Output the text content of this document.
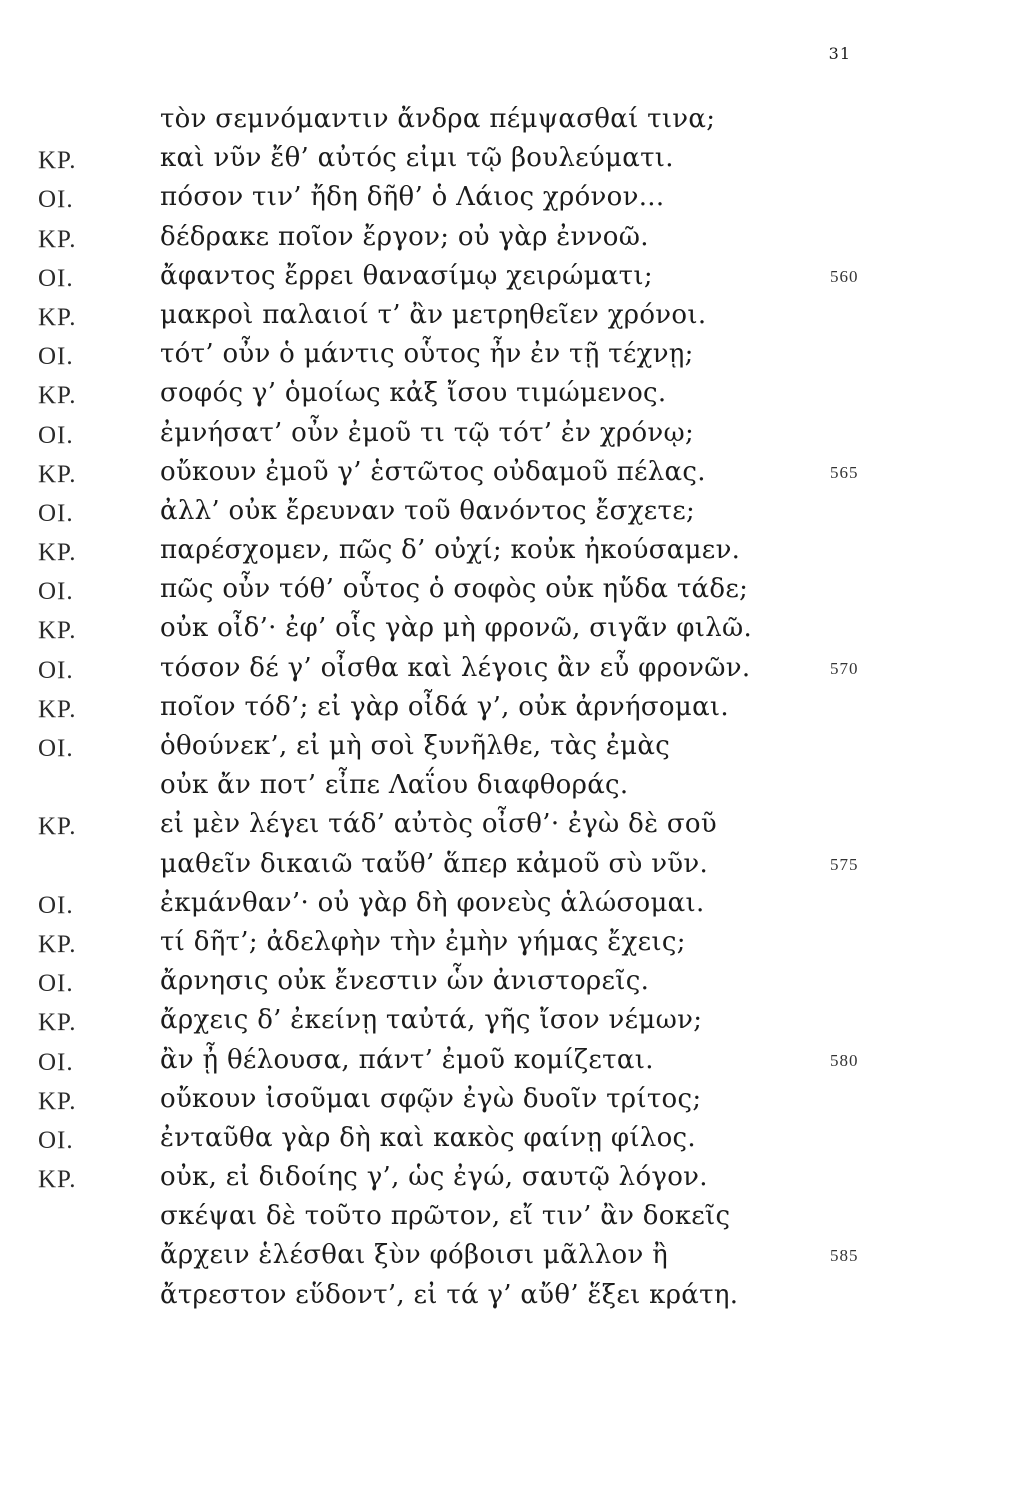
31
τὸν σεμνόμαντιν ἄνδρα πέμψασθαί τινα;
ΚΡ.	καὶ νῦν ἔθ’ αὐτός εἰμι τῷ βουλεύματι.
ΟΙ.	πόσον τιν’ ἤδη δῆθ’ ὁ Λάιος χρόνον...
ΚΡ.	δέδρακε ποῖον ἔργον; οὐ γὰρ ἐννοῶ.
ΟΙ.	ἄφαντος ἔρρει θανασίμῳ χειρώματι;	560
ΚΡ.	μακροὶ παλαιοί τ’ ἂν μετρηθεῖεν χρόνοι.
ΟΙ.	τότ’ οὖν ὁ μάντις οὗτος ἦν ἐν τῇ τέχνῃ;
ΚΡ.	σοφός γ’ ὁμοίως κἀξ ἴσου τιμώμενος.
ΟΙ.	ἐμνήσατ’ οὖν ἐμοῦ τι τῷ τότ’ ἐν χρόνῳ;
ΚΡ.	οὔκουν ἐμοῦ γ’ ἑστῶτος οὐδαμοῦ πέλας.	565
ΟΙ.	ἀλλ’ οὐκ ἔρευναν τοῦ θανόντος ἔσχετε;
ΚΡ.	παρέσχομεν, πῶς δ’ οὐχί; κοὐκ ἠκούσαμεν.
ΟΙ.	πῶς οὖν τόθ’ οὗτος ὁ σοφὸς οὐκ ηὔδα τάδε;
ΚΡ.	οὐκ οἶδ’· ἐφ’ οἷς γὰρ μὴ φρονῶ, σιγᾶν φιλῶ.
ΟΙ.	τόσον δέ γ’ οἶσθα καὶ λέγοις ἂν εὖ φρονῶν.	570
ΚΡ.	ποῖον τόδ’; εἰ γὰρ οἶδά γ’, οὐκ ἀρνήσομαι.
ΟΙ.	ὁθούνεκ’, εἰ μὴ σοὶ ξυνῆλθε, τὰς ἐμὰς
οὐκ ἄν ποτ’ εἶπε Λαΐου διαφθοράς.
ΚΡ.	εἰ μὲν λέγει τάδ’ αὐτὸς οἶσθ’· ἐγὼ δὲ σοῦ
μαθεῖν δικαιῶ ταὔθ’ ἅπερ κἀμοῦ σὺ νῦν.	575
ΟΙ.	ἐκμάνθαν’· οὐ γὰρ δὴ φονεὺς ἁλώσομαι.
ΚΡ.	τί δῆτ’; ἀδελφὴν τὴν ἐμὴν γήμας ἔχεις;
ΟΙ.	ἄρνησις οὐκ ἔνεστιν ὧν ἀνιστορεῖς.
ΚΡ.	ἄρχεις δ’ ἐκείνῃ ταὐτά, γῆς ἴσον νέμων;
ΟΙ.	ἂν ᾖ θέλουσα, πάντ’ ἐμοῦ κομίζεται.	580
ΚΡ.	οὔκουν ἰσοῦμαι σφῷν ἐγὼ δυοῖν τρίτος;
ΟΙ.	ἐνταῦθα γὰρ δὴ καὶ κακὸς φαίνῃ φίλος.
ΚΡ.	οὐκ, εἰ διδοίης γ’, ὡς ἐγώ, σαυτῷ λόγον.
σκέψαι δὲ τοῦτο πρῶτον, εἴ τιν’ ἂν δοκεῖς
ἄρχειν ἑλέσθαι ξὺν φόβοισι μᾶλλον ἢ	585
ἄτρεστον εὕδοντ’, εἰ τά γ’ αὔθ’ ἕξει κράτη.
